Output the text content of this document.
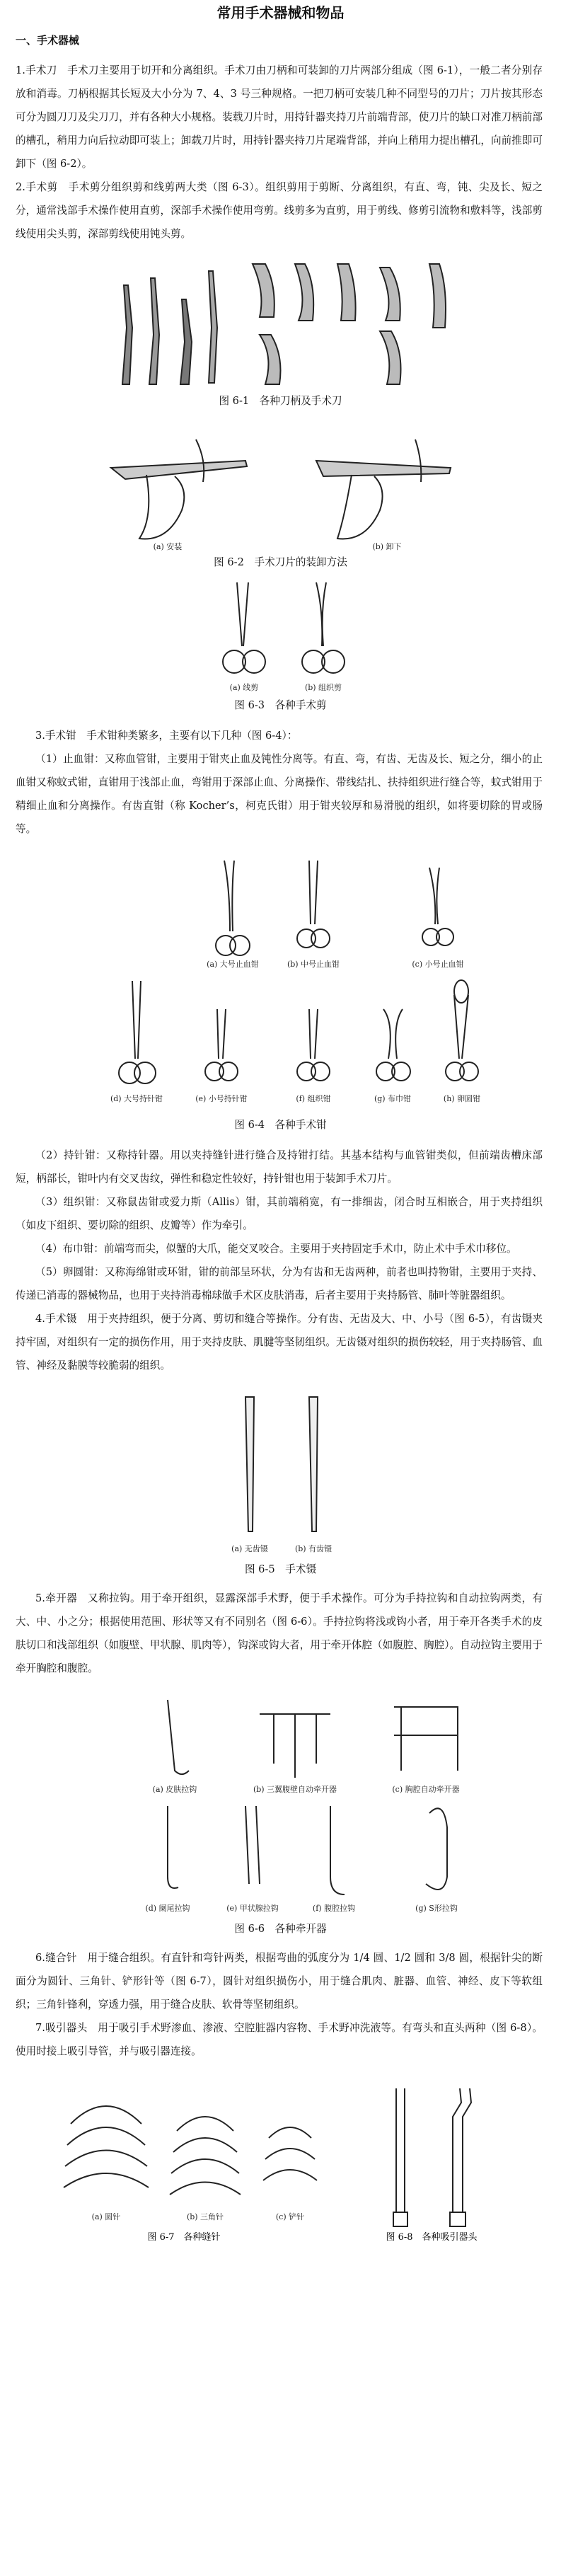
常用手术器械和物品
一、手术器械

1.手术刀　手术刀主要用于切开和分离组织。手术刀由刀柄和可装卸的刀片两部分组成（图 6-1），一般二者分别存放和消毒。刀柄根据其长短及大小分为 7、4、3 号三种规格。一把刀柄可安装几种不同型号的刀片；刀片按其形态可分为圆刀刀及尖刀刀，并有各种大小规格。装载刀片时，用持针器夹持刀片前端背部，使刀片的缺口对准刀柄前部的槽孔，稍用力向后拉动即可装上；卸载刀片时，用持针器夹持刀片尾端背部，并向上稍用力提出槽孔，向前推即可卸下（图 6-2）。

2.手术剪　手术剪分组织剪和线剪两大类（图 6-3）。组织剪用于剪断、分离组织，有直、弯，钝、尖及长、短之分，通常浅部手术操作使用直剪，深部手术操作使用弯剪。线剪多为直剪，用于剪线、修剪引流物和敷料等，浅部剪线使用尖头剪，深部剪线使用钝头剪。

图 6-1　各种刀柄及手术刀
(a) 安装	(b) 卸下
图 6-2　手术刀片的装卸方法
(a) 线剪	(b) 组织剪
图 6-3　各种手术剪

3.手术钳　手术钳种类繁多，主要有以下几种（图 6-4）：

（1）止血钳：又称血管钳，主要用于钳夹止血及钝性分离等。有直、弯，有齿、无齿及长、短之分，细小的止血钳又称蚊式钳，直钳用于浅部止血，弯钳用于深部止血、分离操作、带线结扎、扶持组织进行缝合等，蚊式钳用于精细止血和分离操作。有齿直钳（称 Kocher’s，柯克氏钳）用于钳夹较厚和易滑脱的组织，如将要切除的胃或肠等。

(a) 大号止血钳	(b) 中号止血钳	(c) 小号止血钳
(d) 大号持针钳	(e) 小号持针钳	(f) 组织钳	(g) 布巾钳	(h) 卵圆钳
图 6-4　各种手术钳

（2）持针钳：又称持针器。用以夹持缝针进行缝合及持钳打结。其基本结构与血管钳类似，但前端齿槽床部短，柄部长，钳叶内有交叉齿纹，弹性和稳定性较好，持针钳也用于装卸手术刀片。

（3）组织钳：又称鼠齿钳或爱力斯（Allis）钳，其前端稍宽，有一排细齿，闭合时互相嵌合，用于夹持组织（如皮下组织、要切除的组织、皮瓣等）作为牵引。

（4）布巾钳：前端弯而尖，似蟹的大爪，能交叉咬合。主要用于夹持固定手术巾，防止术中手术巾移位。

（5）卵圆钳：又称海绵钳或环钳，钳的前部呈环状，分为有齿和无齿两种，前者也叫持物钳，主要用于夹持、传递已消毒的器械物品，也用于夹持消毒棉球做手术区皮肤消毒，后者主要用于夹持肠管、肺叶等脏器组织。

4.手术镊　用于夹持组织，便于分离、剪切和缝合等操作。分有齿、无齿及大、中、小号（图 6-5），有齿镊夹持牢固，对组织有一定的损伤作用，用于夹持皮肤、肌腱等坚韧组织。无齿镊对组织的损伤较轻，用于夹持肠管、血管、神经及黏膜等较脆弱的组织。

(a) 无齿镊	(b) 有齿镊
图 6-5　手术镊

5.牵开器　又称拉钩。用于牵开组织，显露深部手术野，便于手术操作。可分为手持拉钩和自动拉钩两类，有大、中、小之分；根据使用范围、形状等又有不同别名（图 6-6）。手持拉钩将浅或钩小者，用于牵开各类手术的皮肤切口和浅部组织（如腹壁、甲状腺、肌肉等），钩深或钩大者，用于牵开体腔（如腹腔、胸腔）。自动拉钩主要用于牵开胸腔和腹腔。

(a) 皮肤拉钩	(b) 三翼腹壁自动牵开器	(c) 胸腔自动牵开器
(d) 阑尾拉钩	(e) 甲状腺拉钩	(f) 腹腔拉钩	(g) S形拉钩
图 6-6　各种牵开器

6.缝合针　用于缝合组织。有直针和弯针两类，根据弯曲的弧度分为 1/4 圆、1/2 圆和 3/8 圆，根据针尖的断面分为圆针、三角针、铲形针等（图 6-7），圆针对组织损伤小，用于缝合肌肉、脏器、血管、神经、皮下等软组织；三角针锋利，穿透力强，用于缝合皮肤、软骨等坚韧组织。

7.吸引器头　用于吸引手术野渗血、渗液、空腔脏器内容物、手术野冲洗液等。有弯头和直头两种（图 6-8）。使用时接上吸引导管，并与吸引器连接。

(a) 圆针	(b) 三角针	(c) 铲针
图 6-7　各种缝针	图 6-8　各种吸引器头
